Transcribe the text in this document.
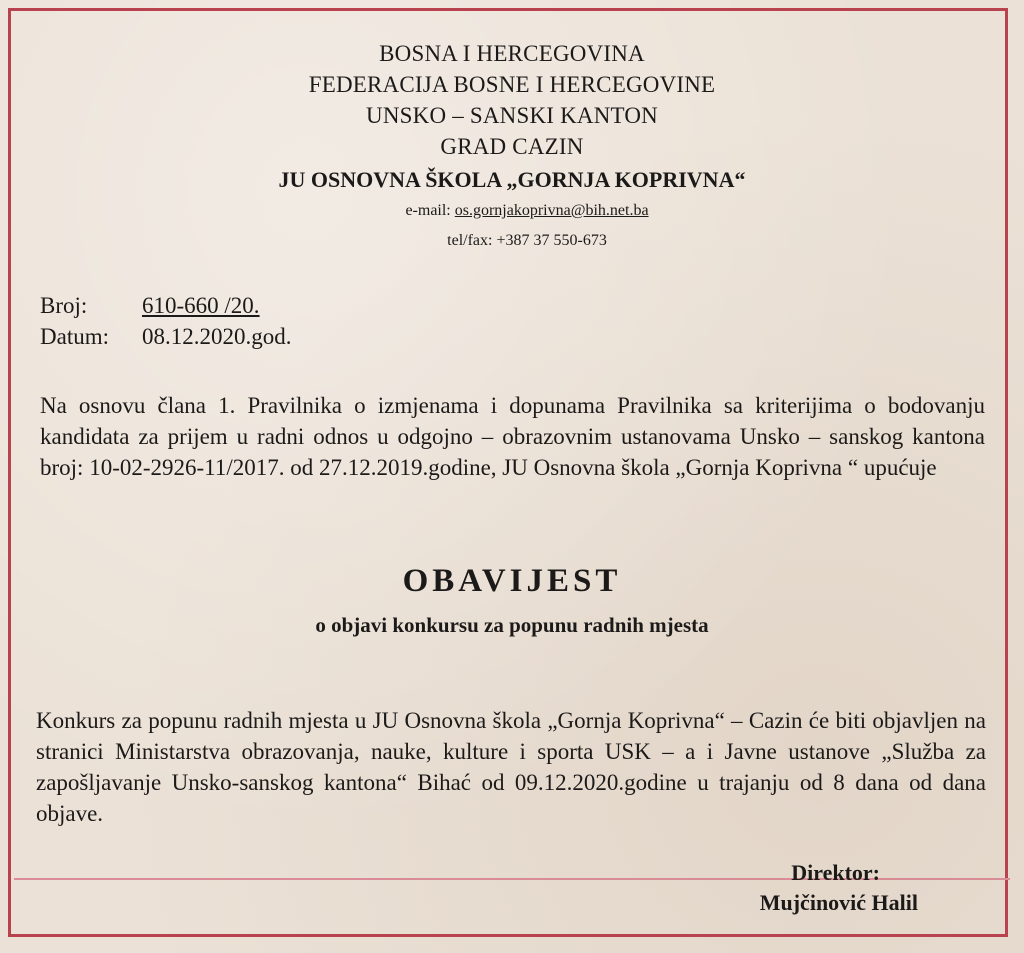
BOSNA I HERCEGOVINA
FEDERACIJA BOSNE I HERCEGOVINE
UNSKO – SANSKI KANTON
GRAD CAZIN
JU OSNOVNA ŠKOLA „GORNJA KOPRIVNA“
e-mail: os.gornjakoprivna@bih.net.ba
tel/fax: +387 37 550-673
Broj: 610-660 /20.
Datum: 08.12.2020.god.
Na osnovu člana 1. Pravilnika o izmjenama i dopunama Pravilnika sa kriterijima o bodovanju kandidata za prijem u radni odnos u odgojno – obrazovnim ustanovama Unsko – sanskog kantona broj: 10-02-2926-11/2017. od 27.12.2019.godine, JU Osnovna škola „Gornja Koprivna “ upućuje
OBAVIJEST
o objavi konkursu za popunu radnih mjesta
Konkurs za popunu radnih mjesta u JU Osnovna škola „Gornja Koprivna“ – Cazin će biti objavljen na stranici Ministarstva obrazovanja, nauke, kulture i sporta USK – a i Javne ustanove „Služba za zapošljavanje Unsko-sanskog kantona“ Bihać od 09.12.2020.godine u trajanju od 8 dana od dana objave.
Direktor:
Mujčinović Halil
